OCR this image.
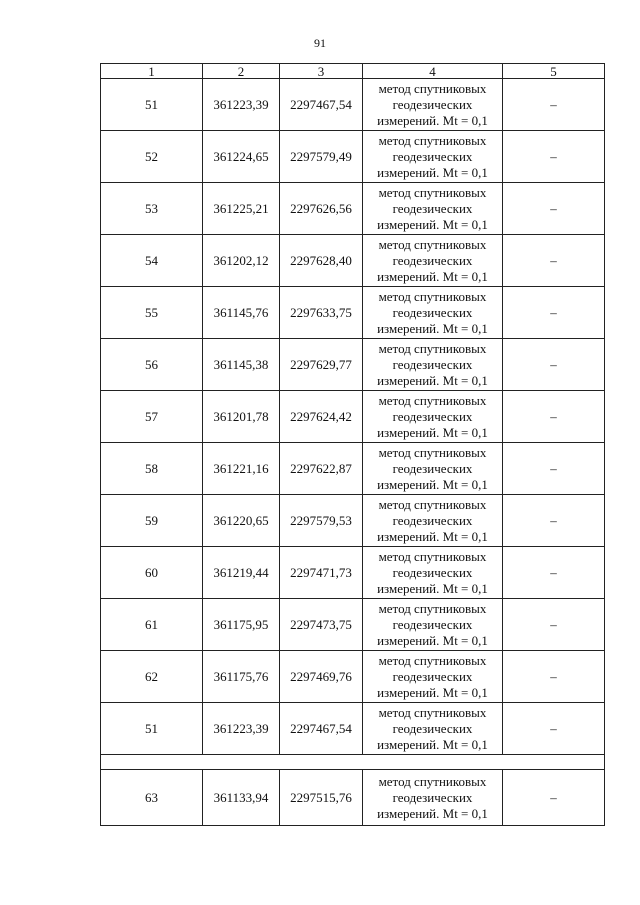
91
1	2	3	4	5
51	361223,39	2297467,54	метод спутниковых
геодезических
измерений. Mt = 0,1	–
52	361224,65	2297579,49	метод спутниковых
геодезических
измерений. Mt = 0,1	–
53	361225,21	2297626,56	метод спутниковых
геодезических
измерений. Mt = 0,1	–
54	361202,12	2297628,40	метод спутниковых
геодезических
измерений. Mt = 0,1	–
55	361145,76	2297633,75	метод спутниковых
геодезических
измерений. Mt = 0,1	–
56	361145,38	2297629,77	метод спутниковых
геодезических
измерений. Mt = 0,1	–
57	361201,78	2297624,42	метод спутниковых
геодезических
измерений. Mt = 0,1	–
58	361221,16	2297622,87	метод спутниковых
геодезических
измерений. Mt = 0,1	–
59	361220,65	2297579,53	метод спутниковых
геодезических
измерений. Mt = 0,1	–
60	361219,44	2297471,73	метод спутниковых
геодезических
измерений. Mt = 0,1	–
61	361175,95	2297473,75	метод спутниковых
геодезических
измерений. Mt = 0,1	–
62	361175,76	2297469,76	метод спутниковых
геодезических
измерений. Mt = 0,1	–
51	361223,39	2297467,54	метод спутниковых
геодезических
измерений. Mt = 0,1	–

63	361133,94	2297515,76	метод спутниковых
геодезических
измерений. Mt = 0,1	–
